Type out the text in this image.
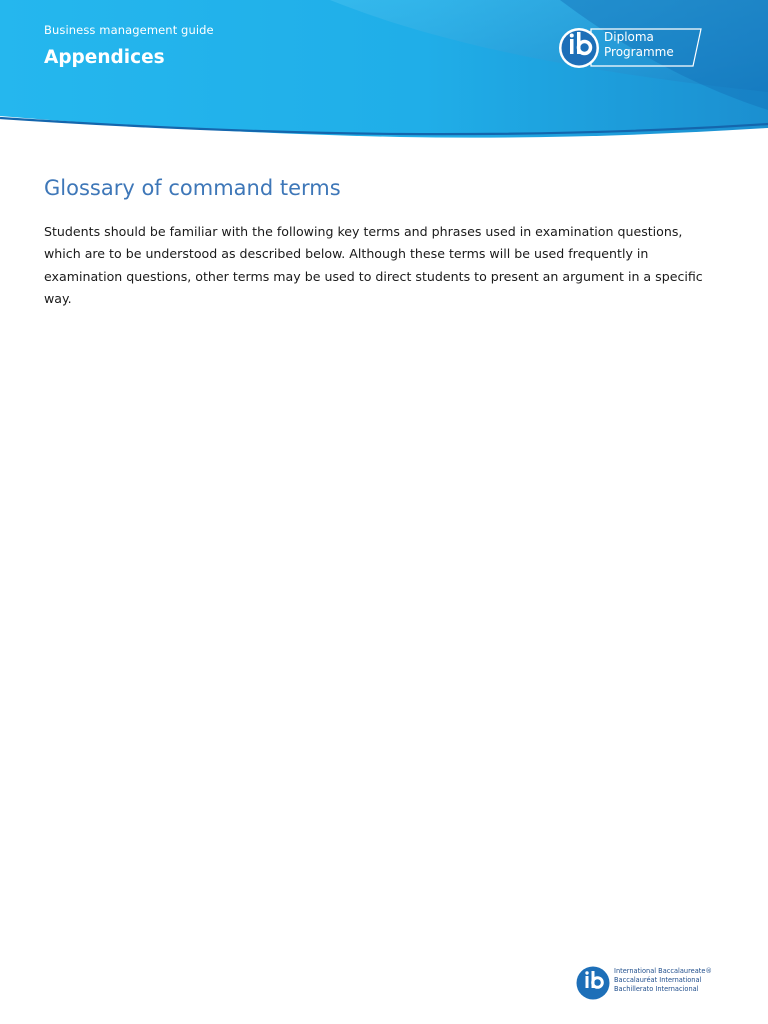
Business management guide
Appendices
Diploma
Programme
Glossary of command terms

Students should be familiar with the following key terms and phrases used in examination questions, which are to be understood as described below. Although these terms will be used frequently in examination questions, other terms may be used to direct students to present an argument in a specific way.

International Baccalaureate®
Baccalauréat International
Bachillerato Internacional
